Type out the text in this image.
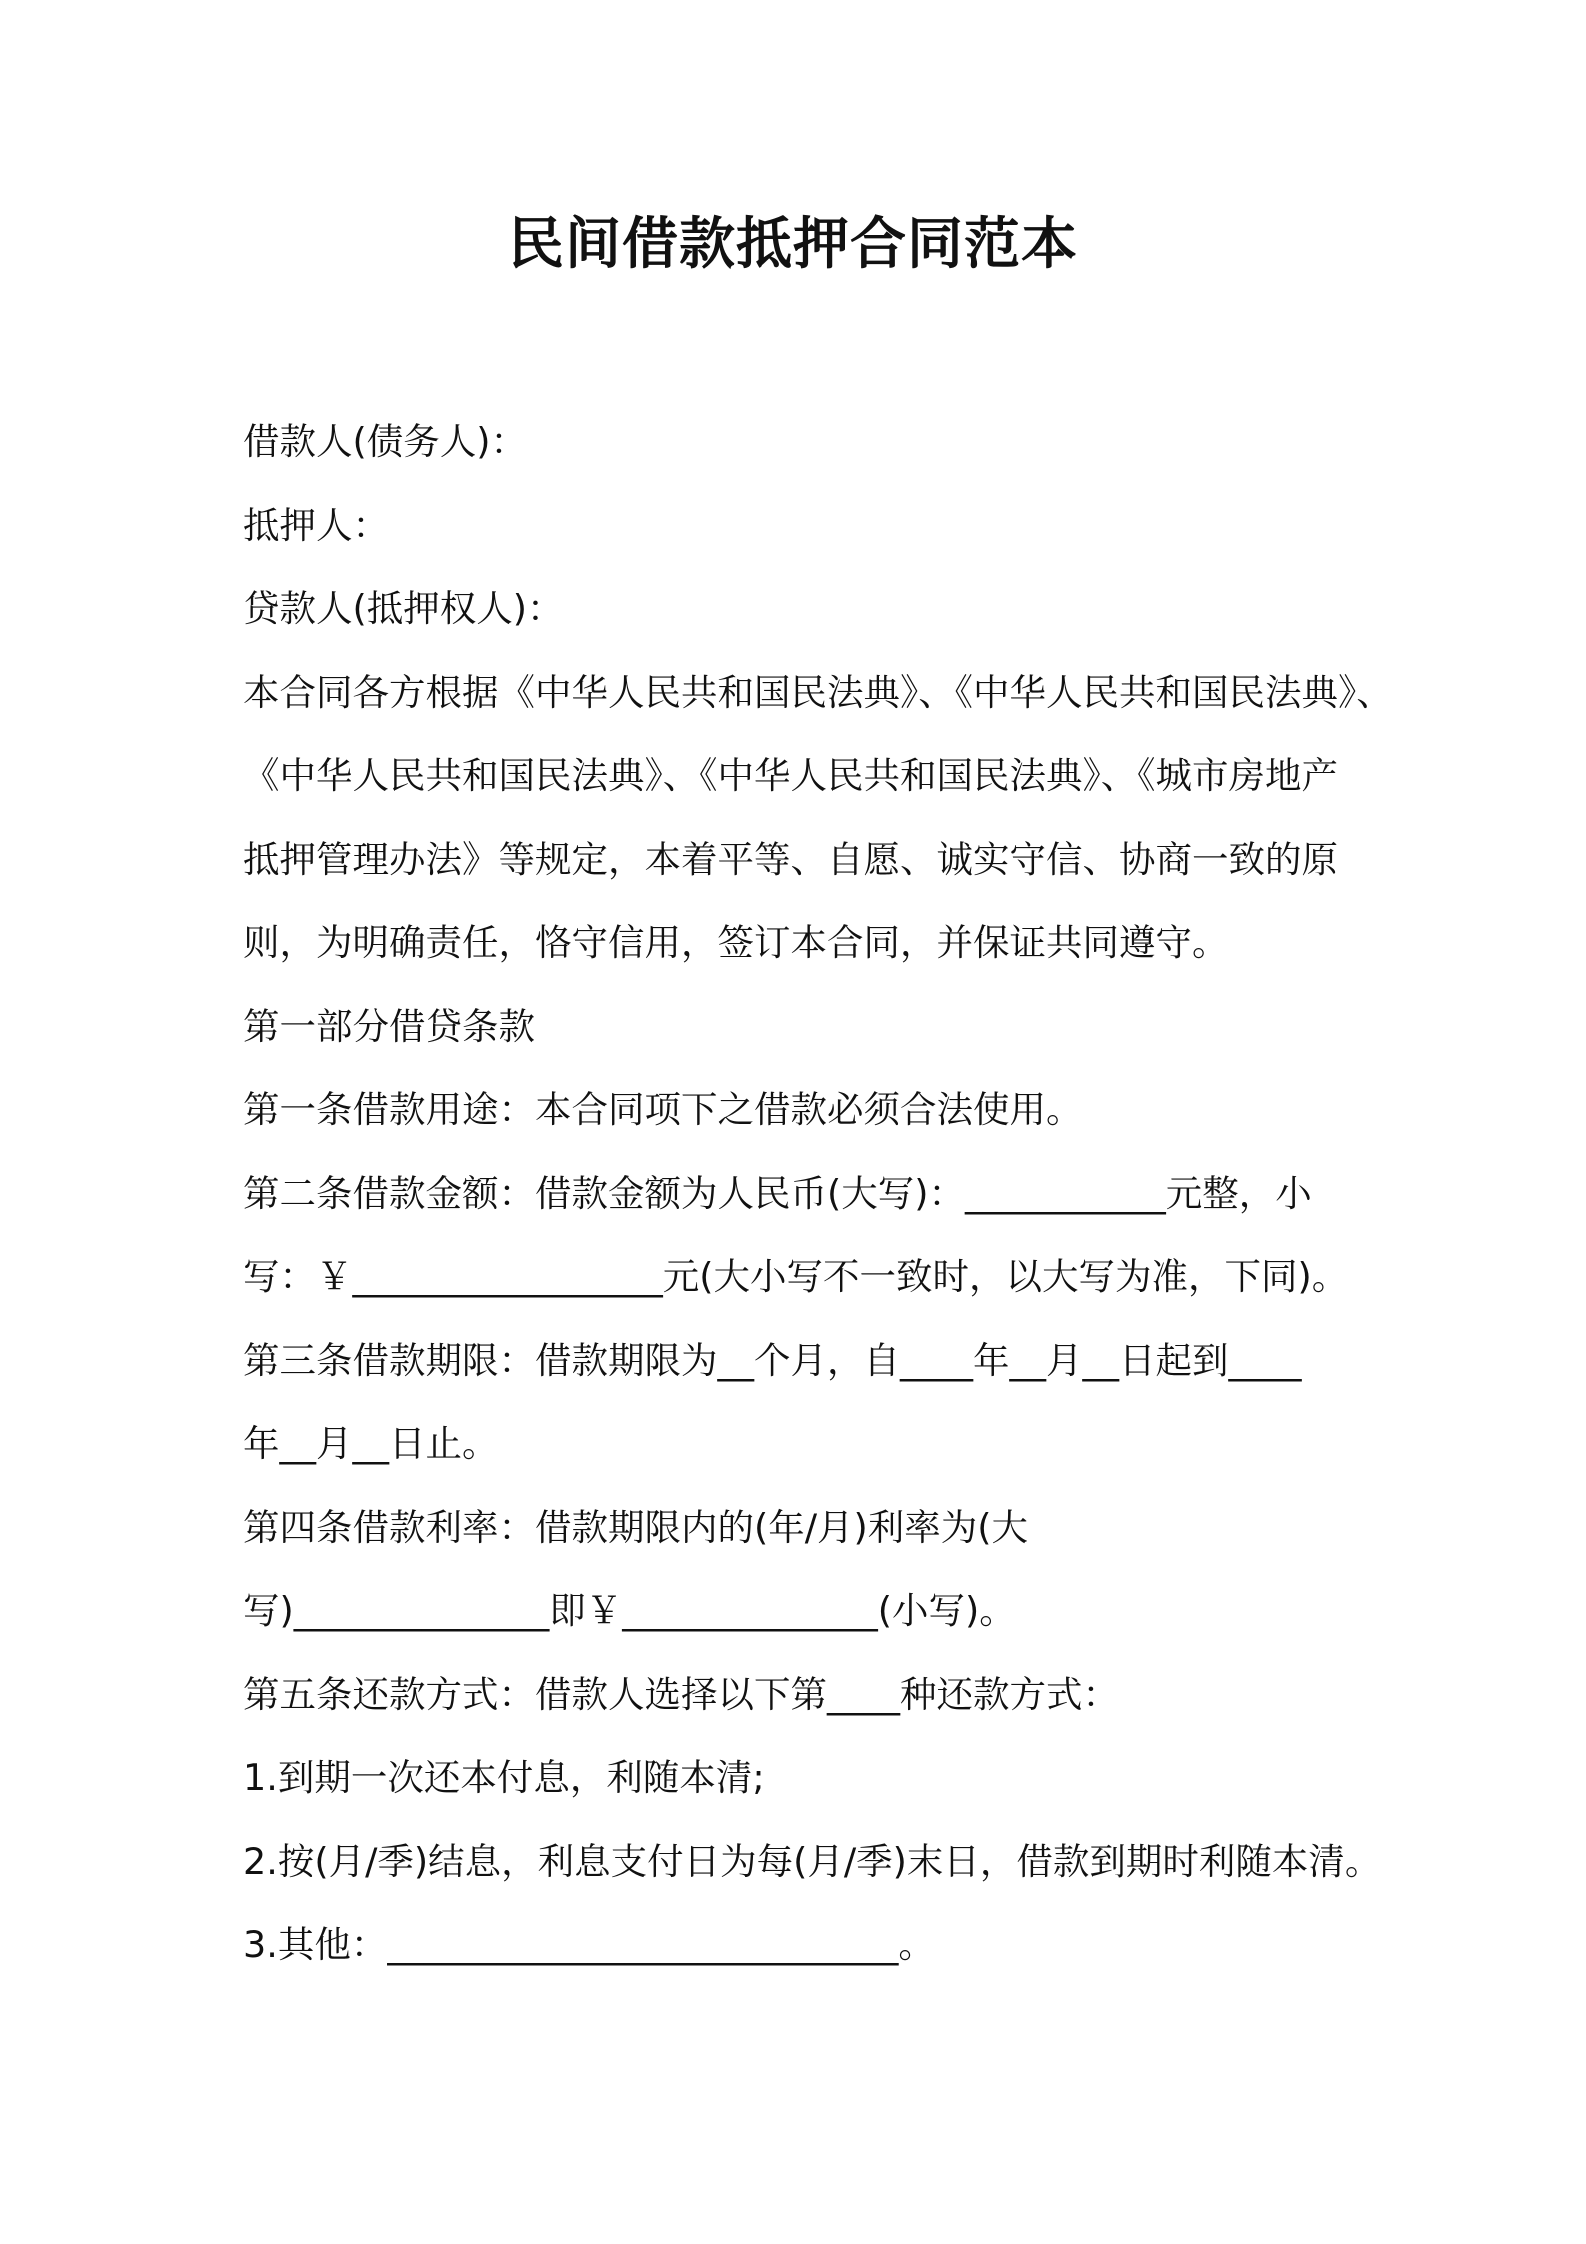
民间借款抵押合同范本
借款人(债务人)：
抵押人：
贷款人(抵押权人)：
本合同各方根据《中华人民共和国民法典》、《中华人民共和国民法典》、
《中华人民共和国民法典》、《中华人民共和国民法典》、《城市房地产
抵押管理办法》等规定，本着平等、自愿、诚实守信、协商一致的原
则，为明确责任，恪守信用，签订本合同，并保证共同遵守。
第一部分借贷条款
第一条借款用途：本合同项下之借款必须合法使用。
第二条借款金额：借款金额为人民币(大写)：___________元整，小
写：￥_________________元(大小写不一致时，以大写为准，下同)。
第三条借款期限：借款期限为__个月，自____年__月__日起到____
年__月__日止。
第四条借款利率：借款期限内的(年/月)利率为(大
写)______________即￥______________(小写)。
第五条还款方式：借款人选择以下第____种还款方式：
1.到期一次还本付息，利随本清;
2.按(月/季)结息，利息支付日为每(月/季)末日，借款到期时利随本清。
3.其他：____________________________。
